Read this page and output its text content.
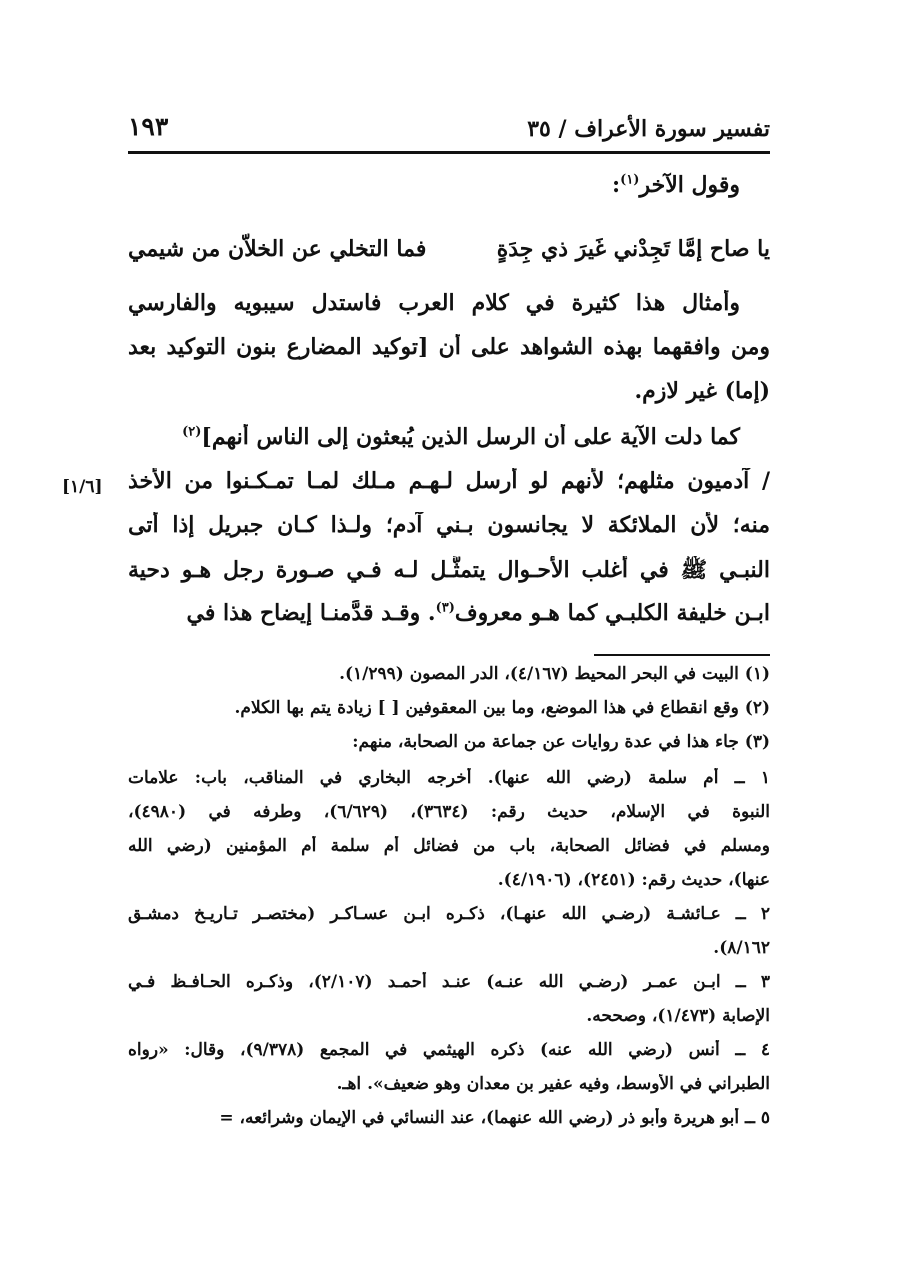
تفسير سورة الأعراف / ٣٥
١٩٣
وقول الآخر$^{(١)}$:
يا صاح إمَّا تَجِدْني غَيرَ ذي جِدَةٍ
فما التخلي عن الخلاّن من شيمي
وأمثال هذا كثيرة في كلام العرب فاستدل سيبويه والفارسي
ومن وافقهما بهذه الشواهد على أن [توكيد المضارع بنون التوكيد بعد
(إما) غير لازم.
كما دلت الآية على أن الرسل الذين يُبعثون إلى الناس أنهم]$^{(٢)}$
/ آدميون مثلهم؛ لأنهم لو أُرسل لـهـم مـلك لمـا تمـكـنوا من الأخذ
منه؛ لأن الملائكة لا يجانسون بـني آدم؛ ولـذا كـان جبريل إذا أتى
النبـي ﷺ في أغلب الأحـوال يتمثَّـل لـه فـي صـورة رجل هـو دحية
ابـن خليفة الكلبـي كما هـو معروف$^{(٣)}$. وقـد قدَّمنـا إيضاح هذا في
[١/٦]
(١) البيت في البحر المحيط (٤/١٦٧)، الدر المصون (١/٢٩٩).
(٢) وقع انقطاع في هذا الموضع، وما بين المعقوفين [ ] زيادة يتم بها الكلام.
(٣) جاء هذا في عدة روايات عن جماعة من الصحابة، منهم:
١ ــ أم سلمة (رضي الله عنها). أخرجه البخاري في المناقب، باب: علامات
النبوة في الإسلام، حديث رقم: (٣٦٣٤)، (٦/٦٢٩)، وطرفه في (٤٩٨٠)،
ومسلم في فضائل الصحابة، باب من فضائل أم سلمة أم المؤمنين (رضي الله
عنها)، حديث رقم: (٢٤٥١)، (٤/١٩٠٦).
٢ ــ عـائشـة (رضـي الله عنهـا)، ذكـره ابـن عسـاكـر (مختصـر تـاريـخ دمشـق
٨/١٦٢).
٣ ــ ابـن عمـر (رضـي الله عنـه) عنـد أحمـد (٢/١٠٧)، وذكـره الحـافـظ فـي
الإصابة (١/٤٧٣)، وصححه.
٤ ــ أنس (رضي الله عنه) ذكره الهيثمي في المجمع (٩/٣٧٨)، وقال: «رواه
الطبراني في الأوسط، وفيه عفير بن معدان وهو ضعيف». اهـ.
٥ ــ أبو هريرة وأبو ذر (رضي الله عنهما)، عند النسائي في الإيمان وشرائعه، =
